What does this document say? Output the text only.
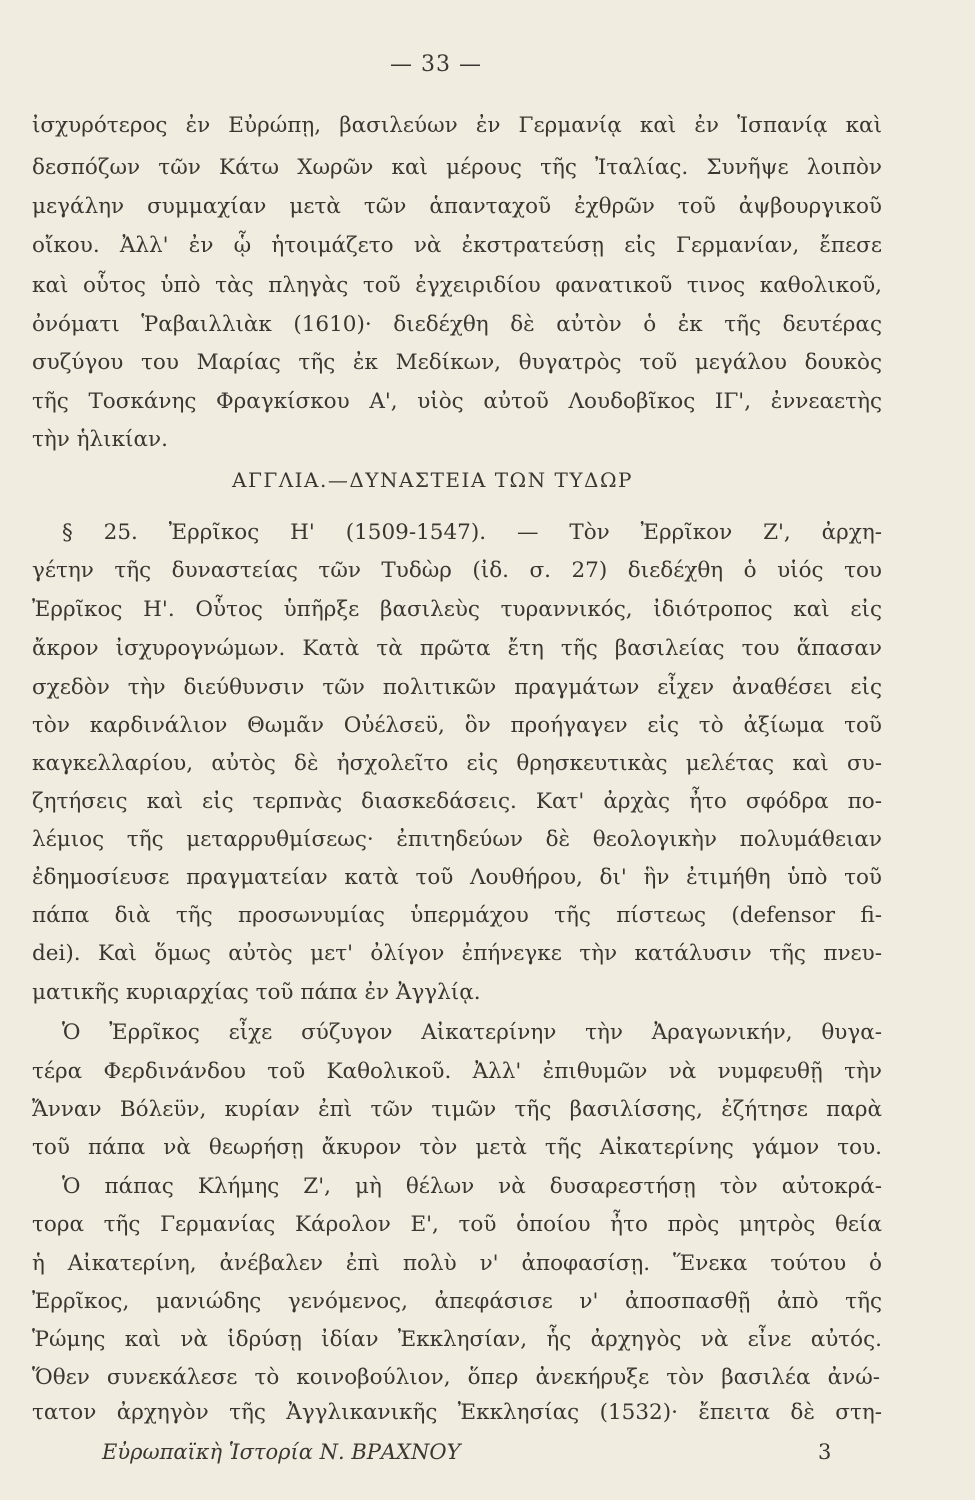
— 33 —
ἰσχυρότερος ἐν Εὐρώπῃ, βασιλεύων ἐν Γερμανίᾳ καὶ ἐν Ἱσπανίᾳ καὶ
δεσπόζων τῶν Κάτω Χωρῶν καὶ μέρους τῆς Ἰταλίας. Συνῆψε λοιπὸν
μεγάλην συμμαχίαν μετὰ τῶν ἁπανταχοῦ ἐχθρῶν τοῦ ἀψβουργικοῦ
οἴκου. Ἀλλ' ἐν ᾧ ἡτοιμάζετο νὰ ἐκστρατεύσῃ εἰς Γερμανίαν, ἔπεσε
καὶ οὗτος ὑπὸ τὰς πληγὰς τοῦ ἐγχειριδίου φανατικοῦ τινος καθολικοῦ,
ὀνόματι Ῥαβαιλλιὰκ (1610)· διεδέχθη δὲ αὐτὸν ὁ ἐκ τῆς δευτέρας
συζύγου του Μαρίας τῆς ἐκ Μεδίκων, θυγατρὸς τοῦ μεγάλου δουκὸς
τῆς Τοσκάνης Φραγκίσκου Α', υἱὸς αὐτοῦ Λουδοβῖκος ΙΓ', ἐννεαετὴς
τὴν ἡλικίαν.
ΑΓΓΛΙΑ.—ΔΥΝΑΣΤΕΙΑ ΤΩΝ ΤΥΔΩΡ
§ 25. Ἐρρῖκος Η' (1509-1547). — Τὸν Ἐρρῖκον Ζ', ἀρχη-
γέτην τῆς δυναστείας τῶν Τυδὼρ (ἰδ. σ. 27) διεδέχθη ὁ υἱός του
Ἐρρῖκος Η'. Οὗτος ὑπῆρξε βασιλεὺς τυραννικός, ἰδιότροπος καὶ εἰς
ἄκρον ἰσχυρογνώμων. Κατὰ τὰ πρῶτα ἔτη τῆς βασιλείας του ἅπασαν
σχεδὸν τὴν διεύθυνσιν τῶν πολιτικῶν πραγμάτων εἶχεν ἀναθέσει εἰς
τὸν καρδινάλιον Θωμᾶν Οὐέλσεϋ, ὃν προήγαγεν εἰς τὸ ἀξίωμα τοῦ
καγκελλαρίου, αὐτὸς δὲ ἠσχολεῖτο εἰς θρησκευτικὰς μελέτας καὶ συ-
ζητήσεις καὶ εἰς τερπνὰς διασκεδάσεις. Κατ' ἀρχὰς ἦτο σφόδρα πο-
λέμιος τῆς μεταρρυθμίσεως· ἐπιτηδεύων δὲ θεολογικὴν πολυμάθειαν
ἐδημοσίευσε πραγματείαν κατὰ τοῦ Λουθήρου, δι' ἣν ἐτιμήθη ὑπὸ τοῦ
πάπα διὰ τῆς προσωνυμίας ὑπερμάχου τῆς πίστεως (defensor fi-
dei). Καὶ ὅμως αὐτὸς μετ' ὀλίγον ἐπήνεγκε τὴν κατάλυσιν τῆς πνευ-
ματικῆς κυριαρχίας τοῦ πάπα ἐν Ἀγγλίᾳ.
Ὁ Ἐρρῖκος εἶχε σύζυγον Αἰκατερίνην τὴν Ἀραγωνικήν, θυγα-
τέρα Φερδινάνδου τοῦ Καθολικοῦ. Ἀλλ' ἐπιθυμῶν νὰ νυμφευθῇ τὴν
Ἄνναν Βόλεϋν, κυρίαν ἐπὶ τῶν τιμῶν τῆς βασιλίσσης, ἐζήτησε παρὰ
τοῦ πάπα νὰ θεωρήσῃ ἄκυρον τὸν μετὰ τῆς Αἰκατερίνης γάμον του.
Ὁ πάπας Κλήμης Ζ', μὴ θέλων νὰ δυσαρεστήσῃ τὸν αὐτοκρά-
τορα τῆς Γερμανίας Κάρολον Ε', τοῦ ὁποίου ἦτο πρὸς μητρὸς θεία
ἡ Αἰκατερίνη, ἀνέβαλεν ἐπὶ πολὺ ν' ἀποφασίσῃ. Ἕνεκα τούτου ὁ
Ἐρρῖκος, μανιώδης γενόμενος, ἀπεφάσισε ν' ἀποσπασθῇ ἀπὸ τῆς
Ῥώμης καὶ νὰ ἱδρύσῃ ἰδίαν Ἐκκλησίαν, ἧς ἀρχηγὸς νὰ εἶνε αὐτός.
Ὅθεν συνεκάλεσε τὸ κοινοβούλιον, ὅπερ ἀνεκήρυξε τὸν βασιλέα ἀνώ-
τατον ἀρχηγὸν τῆς Ἀγγλικανικῆς Ἐκκλησίας (1532)· ἔπειτα δὲ στη-
Εὐρωπαϊκὴ Ἱστορία Ν. ΒΡΑΧΝΟΥ	3
